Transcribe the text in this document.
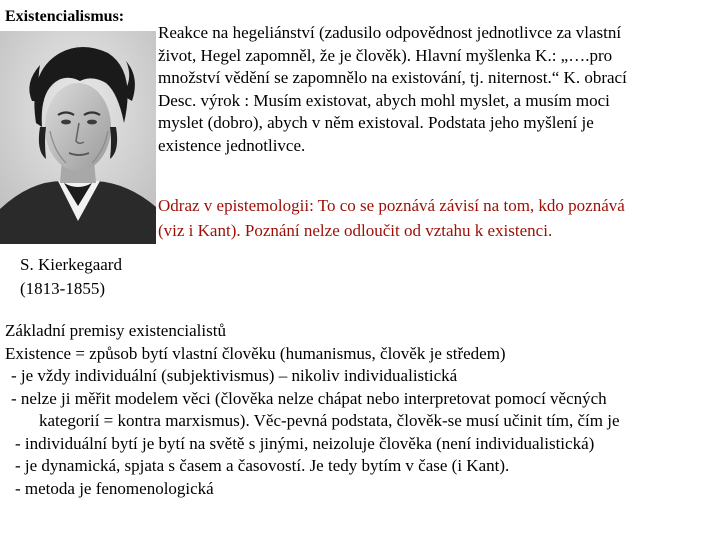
Existencialismus:
Reakce na hegeliánství (zadusilo odpovědnost jednotlivce za vlastní
život, Hegel zapomněl, že je člověk). Hlavní myšlenka K.: „….pro
množství vědění se zapomnělo na existování, tj. niternost.“ K. obrací
Desc. výrok : Musím existovat, abych mohl myslet, a musím moci
myslet (dobro), abych v něm existoval. Podstata jeho myšlení je
existence jednotlivce.
Odraz v epistemologii: To co se poznává závisí na tom, kdo poznává
(viz i Kant). Poznání nelze odloučit od vztahu k existenci.
S. Kierkegaard
(1813-1855)
Základní premisy existencialistů
Existence = způsob bytí vlastní člověku (humanismus, člověk je středem)
- je vždy individuální (subjektivismus) – nikoliv individualistická
- nelze ji měřit modelem věci (člověka nelze chápat nebo interpretovat pomocí věcných
kategorií = kontra marxismus). Věc-pevná podstata, člověk-se musí učinit tím, čím je
- individuální bytí je bytí na světě s jinými, neizoluje člověka (není individualistická)
- je dynamická, spjata s časem a časovostí. Je tedy bytím v čase (i Kant).
- metoda je fenomenologická
